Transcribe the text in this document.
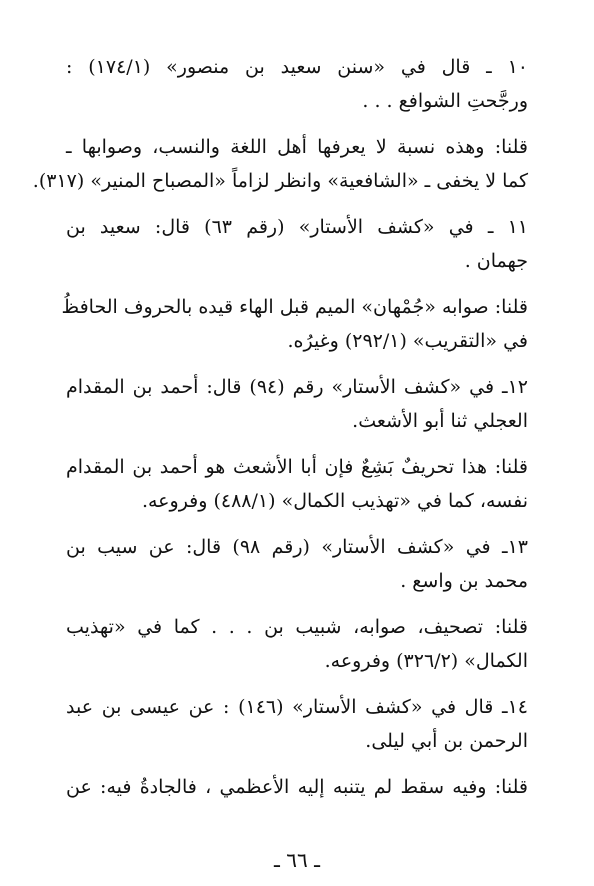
١٠ ـ قال في «سنن سعيد بن منصور» (١٧٤/١) :
ورجَّحتِ الشوافع . . .
قلنا: وهذه نسبة لا يعرفها أهل اللغة والنسب، وصوابها ـ
كما لا يخفى ـ «الشافعية» وانظر لزاماً «المصباح المنير» (٣١٧).
١١ ـ في «كشف الأستار» (رقم ٦٣) قال: سعيد بن
جهمان .
قلنا: صوابه «جُمْهان» الميم قبل الهاء قيده بالحروف الحافظُ
في «التقريب» (٢٩٢/١) وغيرُه.
١٢ـ في «كشف الأستار» رقم (٩٤) قال: أحمد بن المقدام
العجلي ثنا أبو الأشعث.
قلنا: هذا تحريفٌ بَشِعٌ فإن أبا الأشعث هو أحمد بن المقدام
نفسه، كما في «تهذيب الكمال» (٤٨٨/١) وفروعه.
١٣ـ في «كشف الأستار» (رقم ٩٨) قال: عن سيب بن
محمد بن واسع .
قلنا: تصحيف، صوابه، شبيب بن . . . كما في «تهذيب
الكمال» (٣٢٦/٢) وفروعه.
١٤ـ قال في «كشف الأستار» (١٤٦) : عن عيسى بن عبد
الرحمن بن أبي ليلى.
قلنا: وفيه سقط لم يتنبه إليه الأعظمي ، فالجادةُ فيه: عن
ـ ٦٦ ـ
